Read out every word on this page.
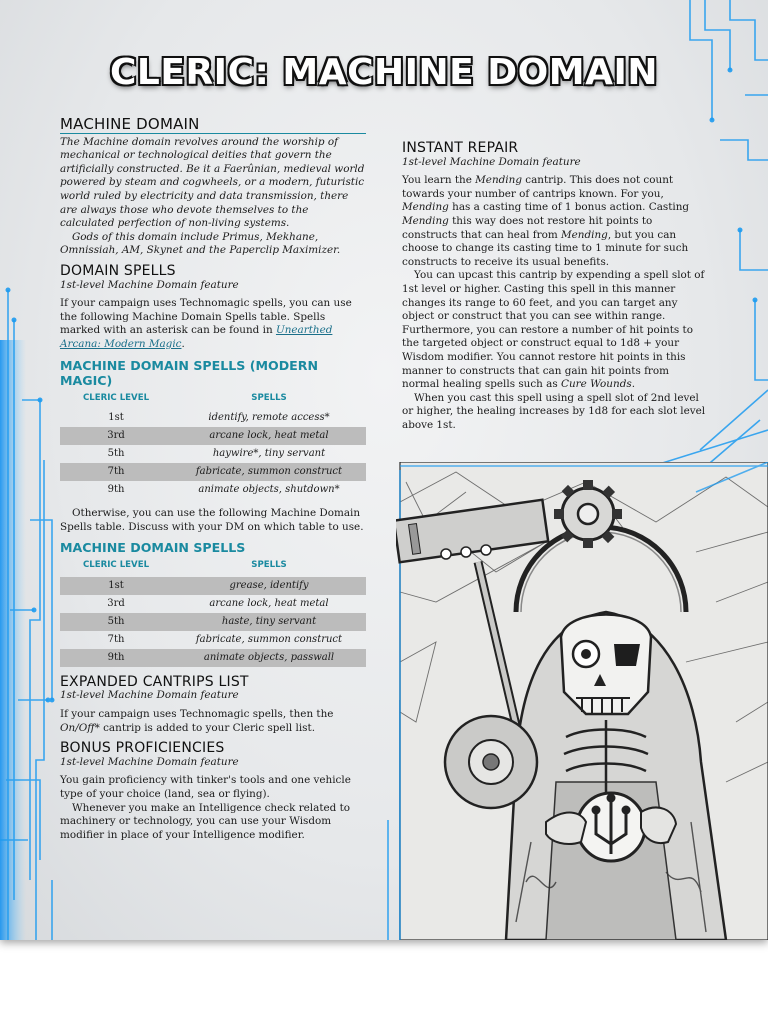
CLERIC: MACHINE DOMAIN
MACHINE DOMAIN

The Machine domain revolves around the worship of mechanical or technological deities that govern the artificially constructed. Be it a Faerûnian, medieval world powered by steam and cogwheels, or a modern, futuristic world ruled by electricity and data transmission, there are always those who devote themselves to the calculated perfection of non-living systems.

Gods of this domain include Primus, Mekhane, Omnissiah, AM, Skynet and the Paperclip Maximizer.

DOMAIN SPELLS

1st-level Machine Domain feature

If your campaign uses Technomagic spells, you can use the following Machine Domain Spells table. Spells marked with an asterisk can be found in Unearthed Arcana: Modern Magic.

MACHINE DOMAIN SPELLS (MODERN MAGIC)
CLERIC LEVEL	SPELLS
1st	identify, remote access*
3rd	arcane lock, heat metal
5th	haywire*, tiny servant
7th	fabricate, summon construct
9th	animate objects, shutdown*

Otherwise, you can use the following Machine Domain Spells table. Discuss with your DM on which table to use.

MACHINE DOMAIN SPELLS
CLERIC LEVEL	SPELLS
1st	grease, identify
3rd	arcane lock, heat metal
5th	haste, tiny servant
7th	fabricate, summon construct
9th	animate objects, passwall
EXPANDED CANTRIPS LIST

1st-level Machine Domain feature

If your campaign uses Technomagic spells, then the On/Off* cantrip is added to your Cleric spell list.

BONUS PROFICIENCIES

1st-level Machine Domain feature

You gain proficiency with tinker's tools and one vehicle type of your choice (land, sea or flying).

Whenever you make an Intelligence check related to machinery or technology, you can use your Wisdom modifier in place of your Intelligence modifier.

INSTANT REPAIR

1st-level Machine Domain feature

You learn the Mending cantrip. This does not count towards your number of cantrips known. For you, Mending has a casting time of 1 bonus action. Casting Mending this way does not restore hit points to constructs that can heal from Mending, but you can choose to change its casting time to 1 minute for such constructs to receive its usual benefits.

You can upcast this cantrip by expending a spell slot of 1st level or higher. Casting this spell in this manner changes its range to 60 feet, and you can target any object or construct that you can see within range. Furthermore, you can restore a number of hit points to the targeted object or construct equal to 1d8 + your Wisdom modifier. You cannot restore hit points in this manner to constructs that can gain hit points from normal healing spells such as Cure Wounds.

When you cast this spell using a spell slot of 2nd level or higher, the healing increases by 1d8 for each slot level above 1st.
